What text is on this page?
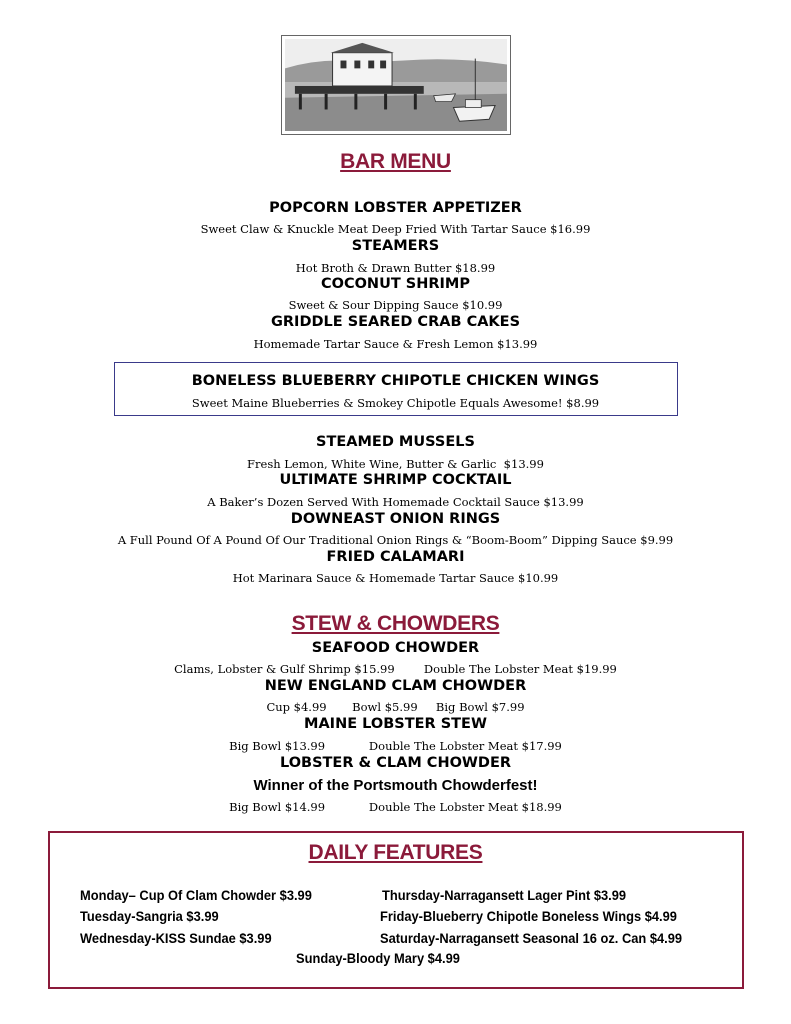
BAR MENU
POPCORN LOBSTER APPETIZER
Sweet Claw & Knuckle Meat Deep Fried With Tartar Sauce $16.99
STEAMERS
Hot Broth & Drawn Butter $18.99
COCONUT SHRIMP
Sweet & Sour Dipping Sauce $10.99
GRIDDLE SEARED CRAB CAKES
Homemade Tartar Sauce & Fresh Lemon $13.99
BONELESS BLUEBERRY CHIPOTLE CHICKEN WINGS
Sweet Maine Blueberries & Smokey Chipotle Equals Awesome! $8.99
STEAMED MUSSELS
Fresh Lemon, White Wine, Butter & Garlic  $13.99
ULTIMATE SHRIMP COCKTAIL
A Baker’s Dozen Served With Homemade Cocktail Sauce $13.99
DOWNEAST ONION RINGS
A Full Pound Of A Pound Of Our Traditional Onion Rings & “Boom-Boom” Dipping Sauce $9.99
FRIED CALAMARI
Hot Marinara Sauce & Homemade Tartar Sauce $10.99
STEW & CHOWDERS
SEAFOOD CHOWDER
Clams, Lobster & Gulf Shrimp $15.99        Double The Lobster Meat $19.99
NEW ENGLAND CLAM CHOWDER
Cup $4.99       Bowl $5.99     Big Bowl $7.99
MAINE LOBSTER STEW
Big Bowl $13.99            Double The Lobster Meat $17.99
LOBSTER & CLAM CHOWDER
Winner of the Portsmouth Chowderfest!
Big Bowl $14.99            Double The Lobster Meat $18.99
DAILY FEATURES
Monday– Cup Of Clam Chowder $3.99
Tuesday-Sangria $3.99
Wednesday-KISS Sundae $3.99
Thursday-Narragansett Lager Pint $3.99
Friday-Blueberry Chipotle Boneless Wings $4.99
Saturday-Narragansett Seasonal 16 oz. Can $4.99
Sunday-Bloody Mary $4.99
